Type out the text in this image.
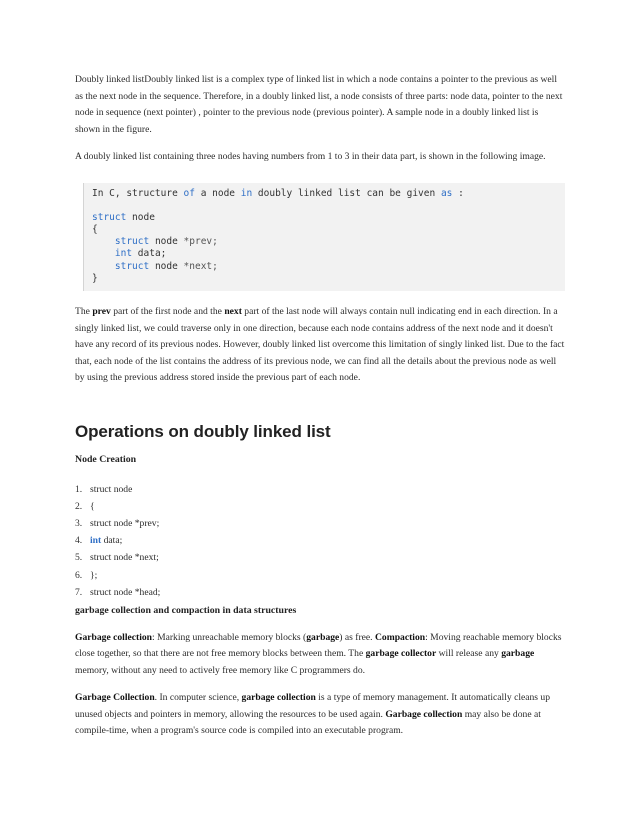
Doubly linked listDoubly linked list is a complex type of linked list in which a node contains a pointer to the previous as well as the next node in the sequence. Therefore, in a doubly linked list, a node consists of three parts: node data, pointer to the next node in sequence (next pointer) , pointer to the previous node (previous pointer). A sample node in a doubly linked list is shown in the figure.

A doubly linked list containing three nodes having numbers from 1 to 3 in their data part, is shown in the following image.

In C, structure of a node in doubly linked list can be given as :
struct node
{
struct node *prev;
int data;
struct node *next;
}

The prev part of the first node and the next part of the last node will always contain null indicating end in each direction. In a singly linked list, we could traverse only in one direction, because each node contains address of the next node and it doesn't have any record of its previous nodes. However, doubly linked list overcome this limitation of singly linked list. Due to the fact that, each node of the list contains the address of its previous node, we can find all the details about the previous node as well by using the previous address stored inside the previous part of each node.

Operations on doubly linked list
Node Creation
1. struct node
2. {
3. struct node *prev;
4. int data;
5. struct node *next;
6. };
7. struct node *head;
garbage collection and compaction in data structures

Garbage collection: Marking unreachable memory blocks (garbage) as free. Compaction: Moving reachable memory blocks close together, so that there are not free memory blocks between them. The garbage collector will release any garbage memory, without any need to actively free memory like C programmers do.

Garbage Collection. In computer science, garbage collection is a type of memory management. It automatically cleans up unused objects and pointers in memory, allowing the resources to be used again. Garbage collection may also be done at compile-time, when a program's source code is compiled into an executable program.
